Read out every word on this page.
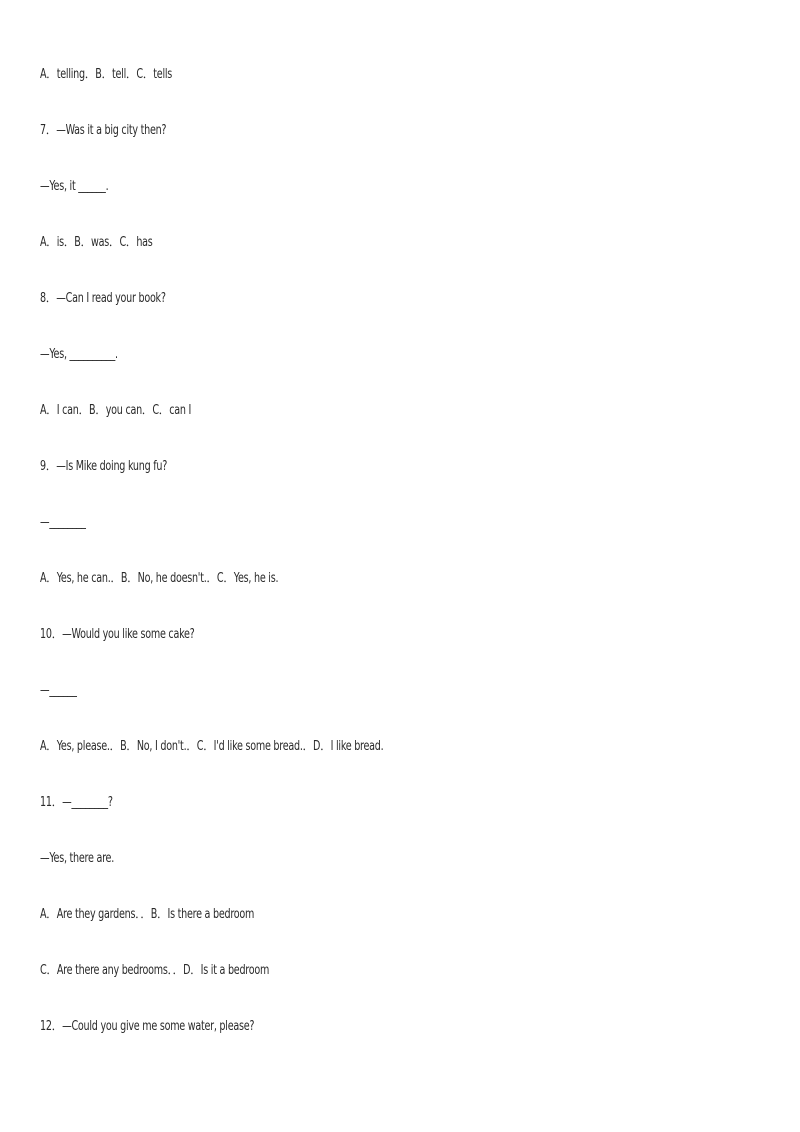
A．telling．B．tell．C．tells
7．—Was it a big city then?
—Yes, it ______.
A．is．B．was．C．has
8．—Can I read your book?
—Yes, __________.
A．I can．B．you can．C．can I
9．—Is Mike doing kung fu?
—________
A．Yes, he can.．B．No, he doesn't.．C．Yes, he is.
10．—Would you like some cake?
—______
A．Yes, please.．B．No, I don't.．C．I'd like some bread.．D．I like bread.
11．—________?
—Yes, there are.
A．Are they gardens．．B．Is there a bedroom
C．Are there any bedrooms．．D．Is it a bedroom
12．—Could you give me some water, please?
